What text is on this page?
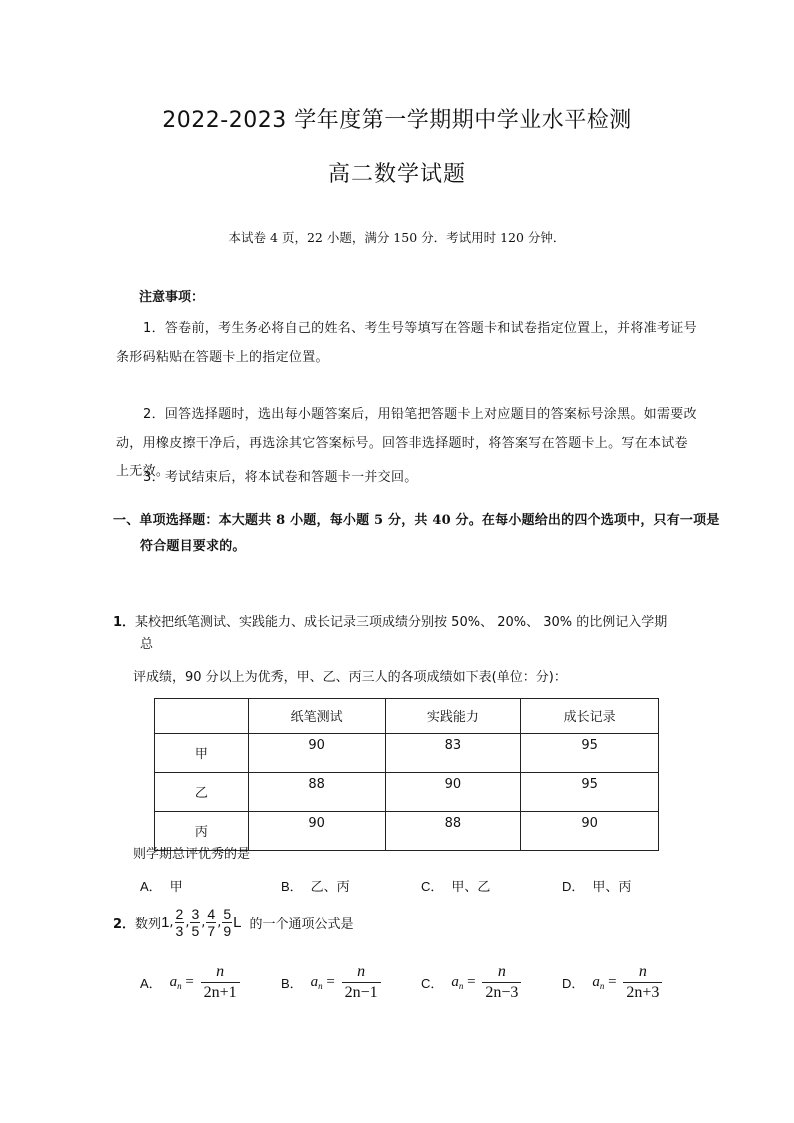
2022-2023 学年度第一学期期中学业水平检测
高二数学试题
本试卷 4 页，22 小题，满分 150 分．考试用时 120 分钟．
注意事项：
1．答卷前，考生务必将自己的姓名、考生号等填写在答题卡和试卷指定位置上，并将准考证号条形码粘贴在答题卡上的指定位置。
2．回答选择题时，选出每小题答案后，用铅笔把答题卡上对应题目的答案标号涂黑。如需要改动，用橡皮擦干净后，再选涂其它答案标号。回答非选择题时，将答案写在答题卡上。写在本试卷上无效。
3．考试结束后，将本试卷和答题卡一并交回。
一、单项选择题：本大题共 8 小题，每小题 5 分，共 40 分。在每小题给出的四个选项中，只有一项是符合题目要求的。
1．某校把纸笔测试、实践能力、成长记录三项成绩分别按 50%、 20%、 30% 的比例记入学期
总
评成绩，90 分以上为优秀，甲、乙、丙三人的各项成绩如下表(单位：分)：
	纸笔测试	实践能力	成长记录
甲	90	83	95
乙	88	90	95
丙	90	88	90
则学期总评优秀的是
A． 甲	B． 乙、丙	C． 甲、乙	D． 甲、丙
2．数列1, $\frac{2}{3}$ , $\frac{3}{5}$ , $\frac{4}{7}$ , $\frac{5}{9}$ L 的一个通项公式是
A． $a_n = \frac{n}{2n+1}$	B． $a_n = \frac{n}{2n-1}$	C． $a_n = \frac{n}{2n-3}$	D． $a_n = \frac{n}{2n+3}$
